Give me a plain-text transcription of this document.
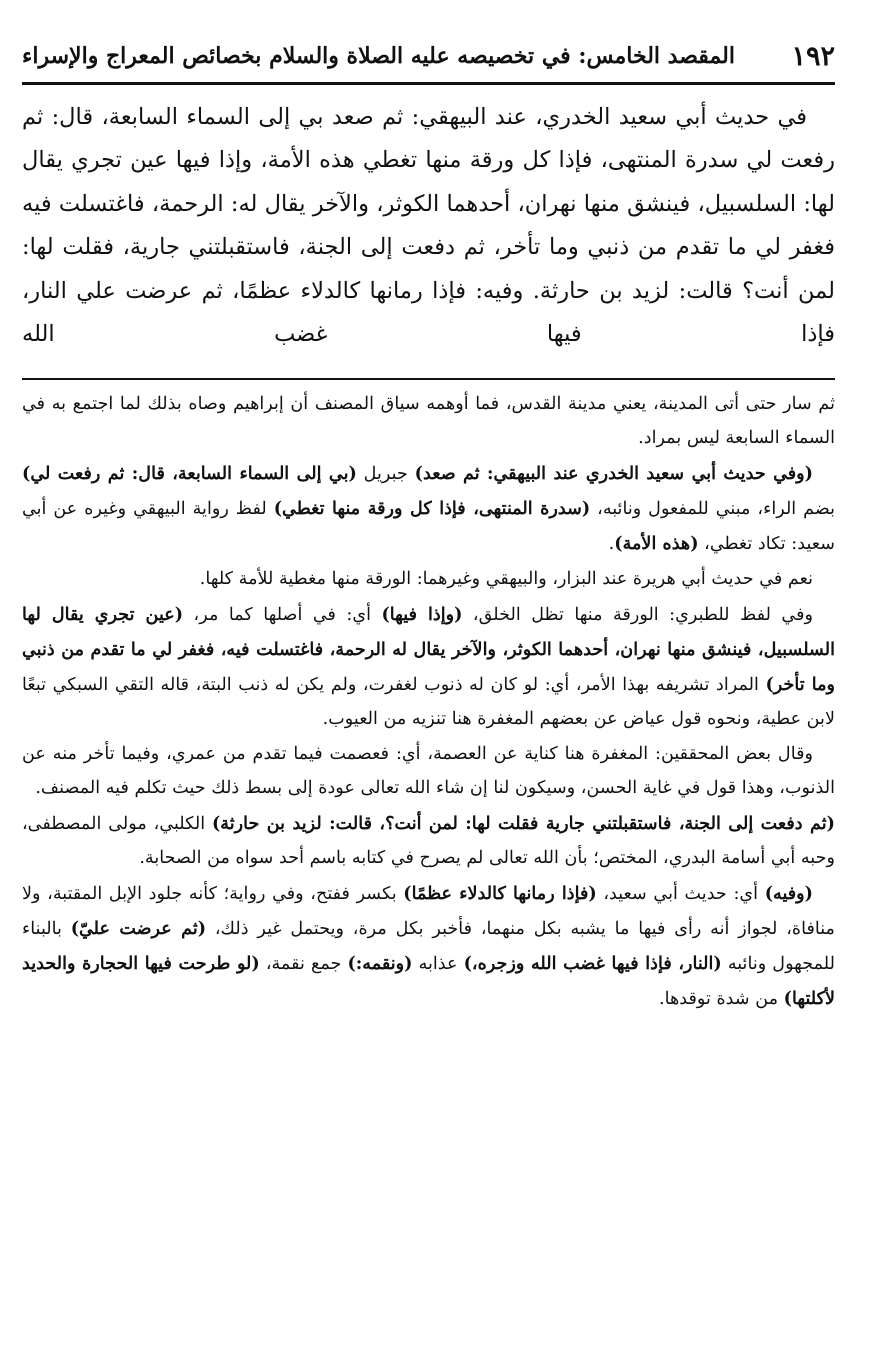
١٩٢
المقصد الخامس: في تخصيصه عليه الصلاة والسلام بخصائص المعراج والإسراء

في حديث أبي سعيد الخدري، عند البيهقي: ثم صعد بي إلى السماء السابعة، قال: ثم رفعت لي سدرة المنتهى، فإذا كل ورقة منها تغطي هذه الأمة، وإذا فيها عين تجري يقال لها: السلسبيل، فينشق منها نهران، أحدهما الكوثر، والآخر يقال له: الرحمة، فاغتسلت فيه فغفر لي ما تقدم من ذنبي وما تأخر، ثم دفعت إلى الجنة، فاستقبلتني جارية، فقلت لها: لمن أنت؟ قالت: لزيد بن حارثة. وفيه: فإذا رمانها كالدلاء عظمًا، ثم عرضت علي النار، فإذا فيها غضب الله

ثم سار حتى أتى المدينة، يعني مدينة القدس، فما أوهمه سياق المصنف أن إبراهيم وصاه بذلك لما اجتمع به في السماء السابعة ليس بمراد.

(وفي حديث أبي سعيد الخدري عند البيهقي: ثم صعد) جبريل (بي إلى السماء السابعة، قال: ثم رفعت لي) بضم الراء، مبني للمفعول ونائبه، (سدرة المنتهى، فإذا كل ورقة منها تغطي) لفظ رواية البيهقي وغيره عن أبي سعيد: تكاد تغطي، (هذه الأمة).

نعم في حديث أبي هريرة عند البزار، والبيهقي وغيرهما: الورقة منها مغطية للأمة كلها.

وفي لفظ للطبري: الورقة منها تظل الخلق، (وإذا فيها) أي: في أصلها كما مر، (عين تجري يقال لها السلسبيل، فينشق منها نهران، أحدهما الكوثر، والآخر يقال له الرحمة، فاغتسلت فيه، فغفر لي ما تقدم من ذنبي وما تأخر) المراد تشريفه بهذا الأمر، أي: لو كان له ذنوب لغفرت، ولم يكن له ذنب البتة، قاله التقي السبكي تبعًا لابن عطية، ونحوه قول عياض عن بعضهم المغفرة هنا تنزيه من العيوب.

وقال بعض المحققين: المغفرة هنا كناية عن العصمة، أي: فعصمت فيما تقدم من عمري، وفيما تأخر منه عن الذنوب، وهذا قول في غاية الحسن، وسيكون لنا إن شاء الله تعالى عودة إلى بسط ذلك حيث تكلم فيه المصنف.

(ثم دفعت إلى الجنة، فاستقبلتني جارية فقلت لها: لمن أنت؟، قالت: لزيد بن حارثة) الكلبي، مولى المصطفى، وحبه أبي أسامة البدري، المختص؛ بأن الله تعالى لم يصرح في كتابه باسم أحد سواه من الصحابة.

(وفيه) أي: حديث أبي سعيد، (فإذا رمانها كالدلاء عظمًا) بكسر ففتح، وفي رواية؛ كأنه جلود الإبل المقتبة، ولا منافاة، لجواز أنه رأى فيها ما يشبه بكل منهما، فأخبر بكل مرة، ويحتمل غير ذلك، (ثم عرضت عليّ) بالبناء للمجهول ونائبه (النار، فإذا فيها غضب الله وزجره،) عذابه (ونقمه:) جمع نقمة، (لو طرحت فيها الحجارة والحديد لأكلتها) من شدة توقدها.
